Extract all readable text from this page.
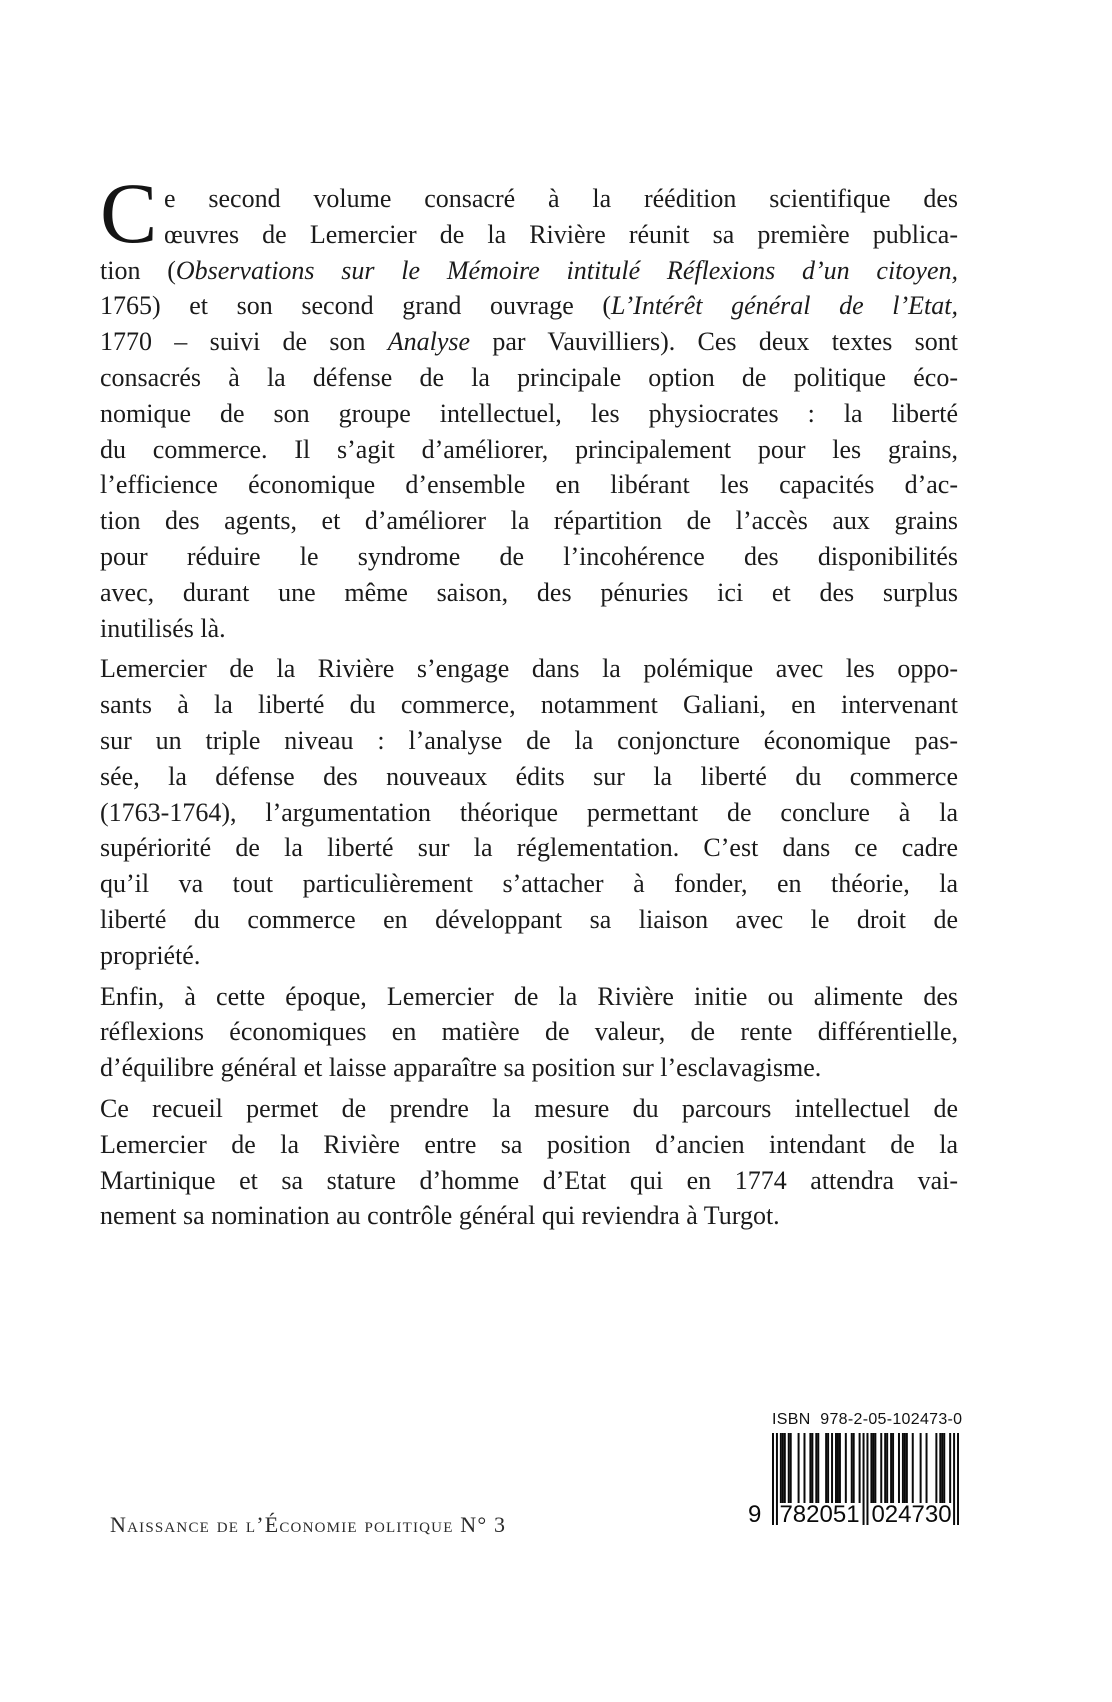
C e second volume consacré à la réédition scientifique des
œuvres de Lemercier de la Rivière réunit sa première publica-
tion (Observations sur le Mémoire intitulé Réflexions d’un citoyen,
1765) et son second grand ouvrage (L’Intérêt général de l’Etat,
1770 – suivi de son Analyse par Vauvilliers). Ces deux textes sont
consacrés à la défense de la principale option de politique éco-
nomique de son groupe intellectuel, les physiocrates : la liberté
du commerce. Il s’agit d’améliorer, principalement pour les grains,
l’efficience économique d’ensemble en libérant les capacités d’ac-
tion des agents, et d’améliorer la répartition de l’accès aux grains
pour réduire le syndrome de l’incohérence des disponibilités
avec, durant une même saison, des pénuries ici et des surplus
inutilisés là.
Lemercier de la Rivière s’engage dans la polémique avec les oppo-
sants à la liberté du commerce, notamment Galiani, en intervenant
sur un triple niveau : l’analyse de la conjoncture économique pas-
sée, la défense des nouveaux édits sur la liberté du commerce
(1763-1764), l’argumentation théorique permettant de conclure à la
supériorité de la liberté sur la réglementation. C’est dans ce cadre
qu’il va tout particulièrement s’attacher à fonder, en théorie, la
liberté du commerce en développant sa liaison avec le droit de
propriété.
Enfin, à cette époque, Lemercier de la Rivière initie ou alimente des
réflexions économiques en matière de valeur, de rente différentielle,
d’équilibre général et laisse apparaître sa position sur l’esclavagisme.
Ce recueil permet de prendre la mesure du parcours intellectuel de
Lemercier de la Rivière entre sa position d’ancien intendant de la
Martinique et sa stature d’homme d’Etat qui en 1774 attendra vai-
nement sa nomination au contrôle général qui reviendra à Turgot.
Naissance de l’Économie politique N° 3
ISBN 978-2-05-102473-0
9 782051 024730
